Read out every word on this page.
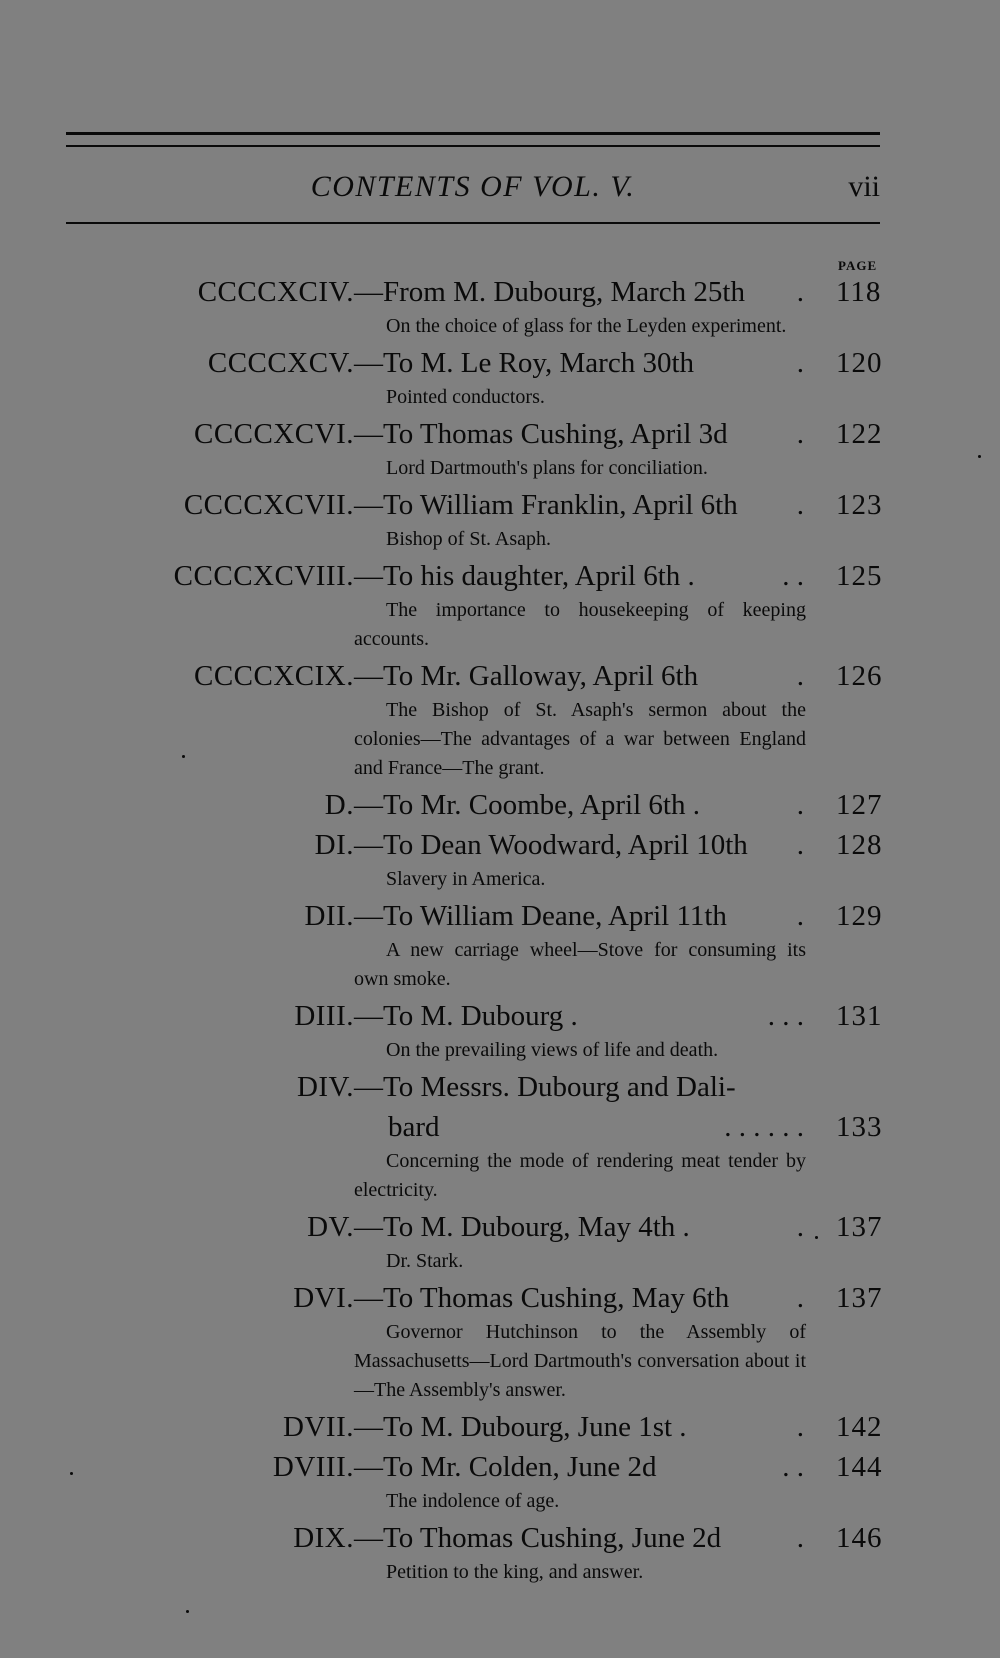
CONTENTS OF VOL. V.	vii
PAGE
CCCCXCIV. —From M. Dubourg, March 25th . 118
On the choice of glass for the Leyden experiment.
CCCCXCV. —To M. Le Roy, March 30th	. 120
Pointed conductors.
CCCCXCVI. —To Thomas Cushing, April 3d . 122
Lord Dartmouth's plans for conciliation.
CCCCXCVII. —To William Franklin, April 6th . 123
Bishop of St. Asaph.
CCCCXCVIII. —To his daughter, April 6th .	. . 125
The importance to housekeeping of keeping accounts.
CCCCXCIX. —To Mr. Galloway, April 6th	. 126
The Bishop of St. Asaph's sermon about the colonies—The advantages of a war between England and France—The grant.
D. —To Mr. Coombe, April 6th .	. 127
DI. —To Dean Woodward, April 10th . 128
Slavery in America.
DII. —To William Deane, April 11th . 129
A new carriage wheel—Stove for consuming its own smoke.
DIII. —To M. Dubourg .	. . . 131
On the prevailing views of life and death.
DIV. —To Messrs. Dubourg and Dali-
bard	. . . . . . 133
Concerning the mode of rendering meat tender by electricity.
DV. —To M. Dubourg, May 4th .	. 137
Dr. Stark.
DVI. —To Thomas Cushing, May 6th . 137
Governor Hutchinson to the Assembly of Massachusetts—Lord Dartmouth's conversation about it—The Assembly's answer.
DVII. —To M. Dubourg, June 1st .	. 142
DVIII. —To Mr. Colden, June 2d	. . 144
The indolence of age.
DIX. —To Thomas Cushing, June 2d	. 146
Petition to the king, and answer.
